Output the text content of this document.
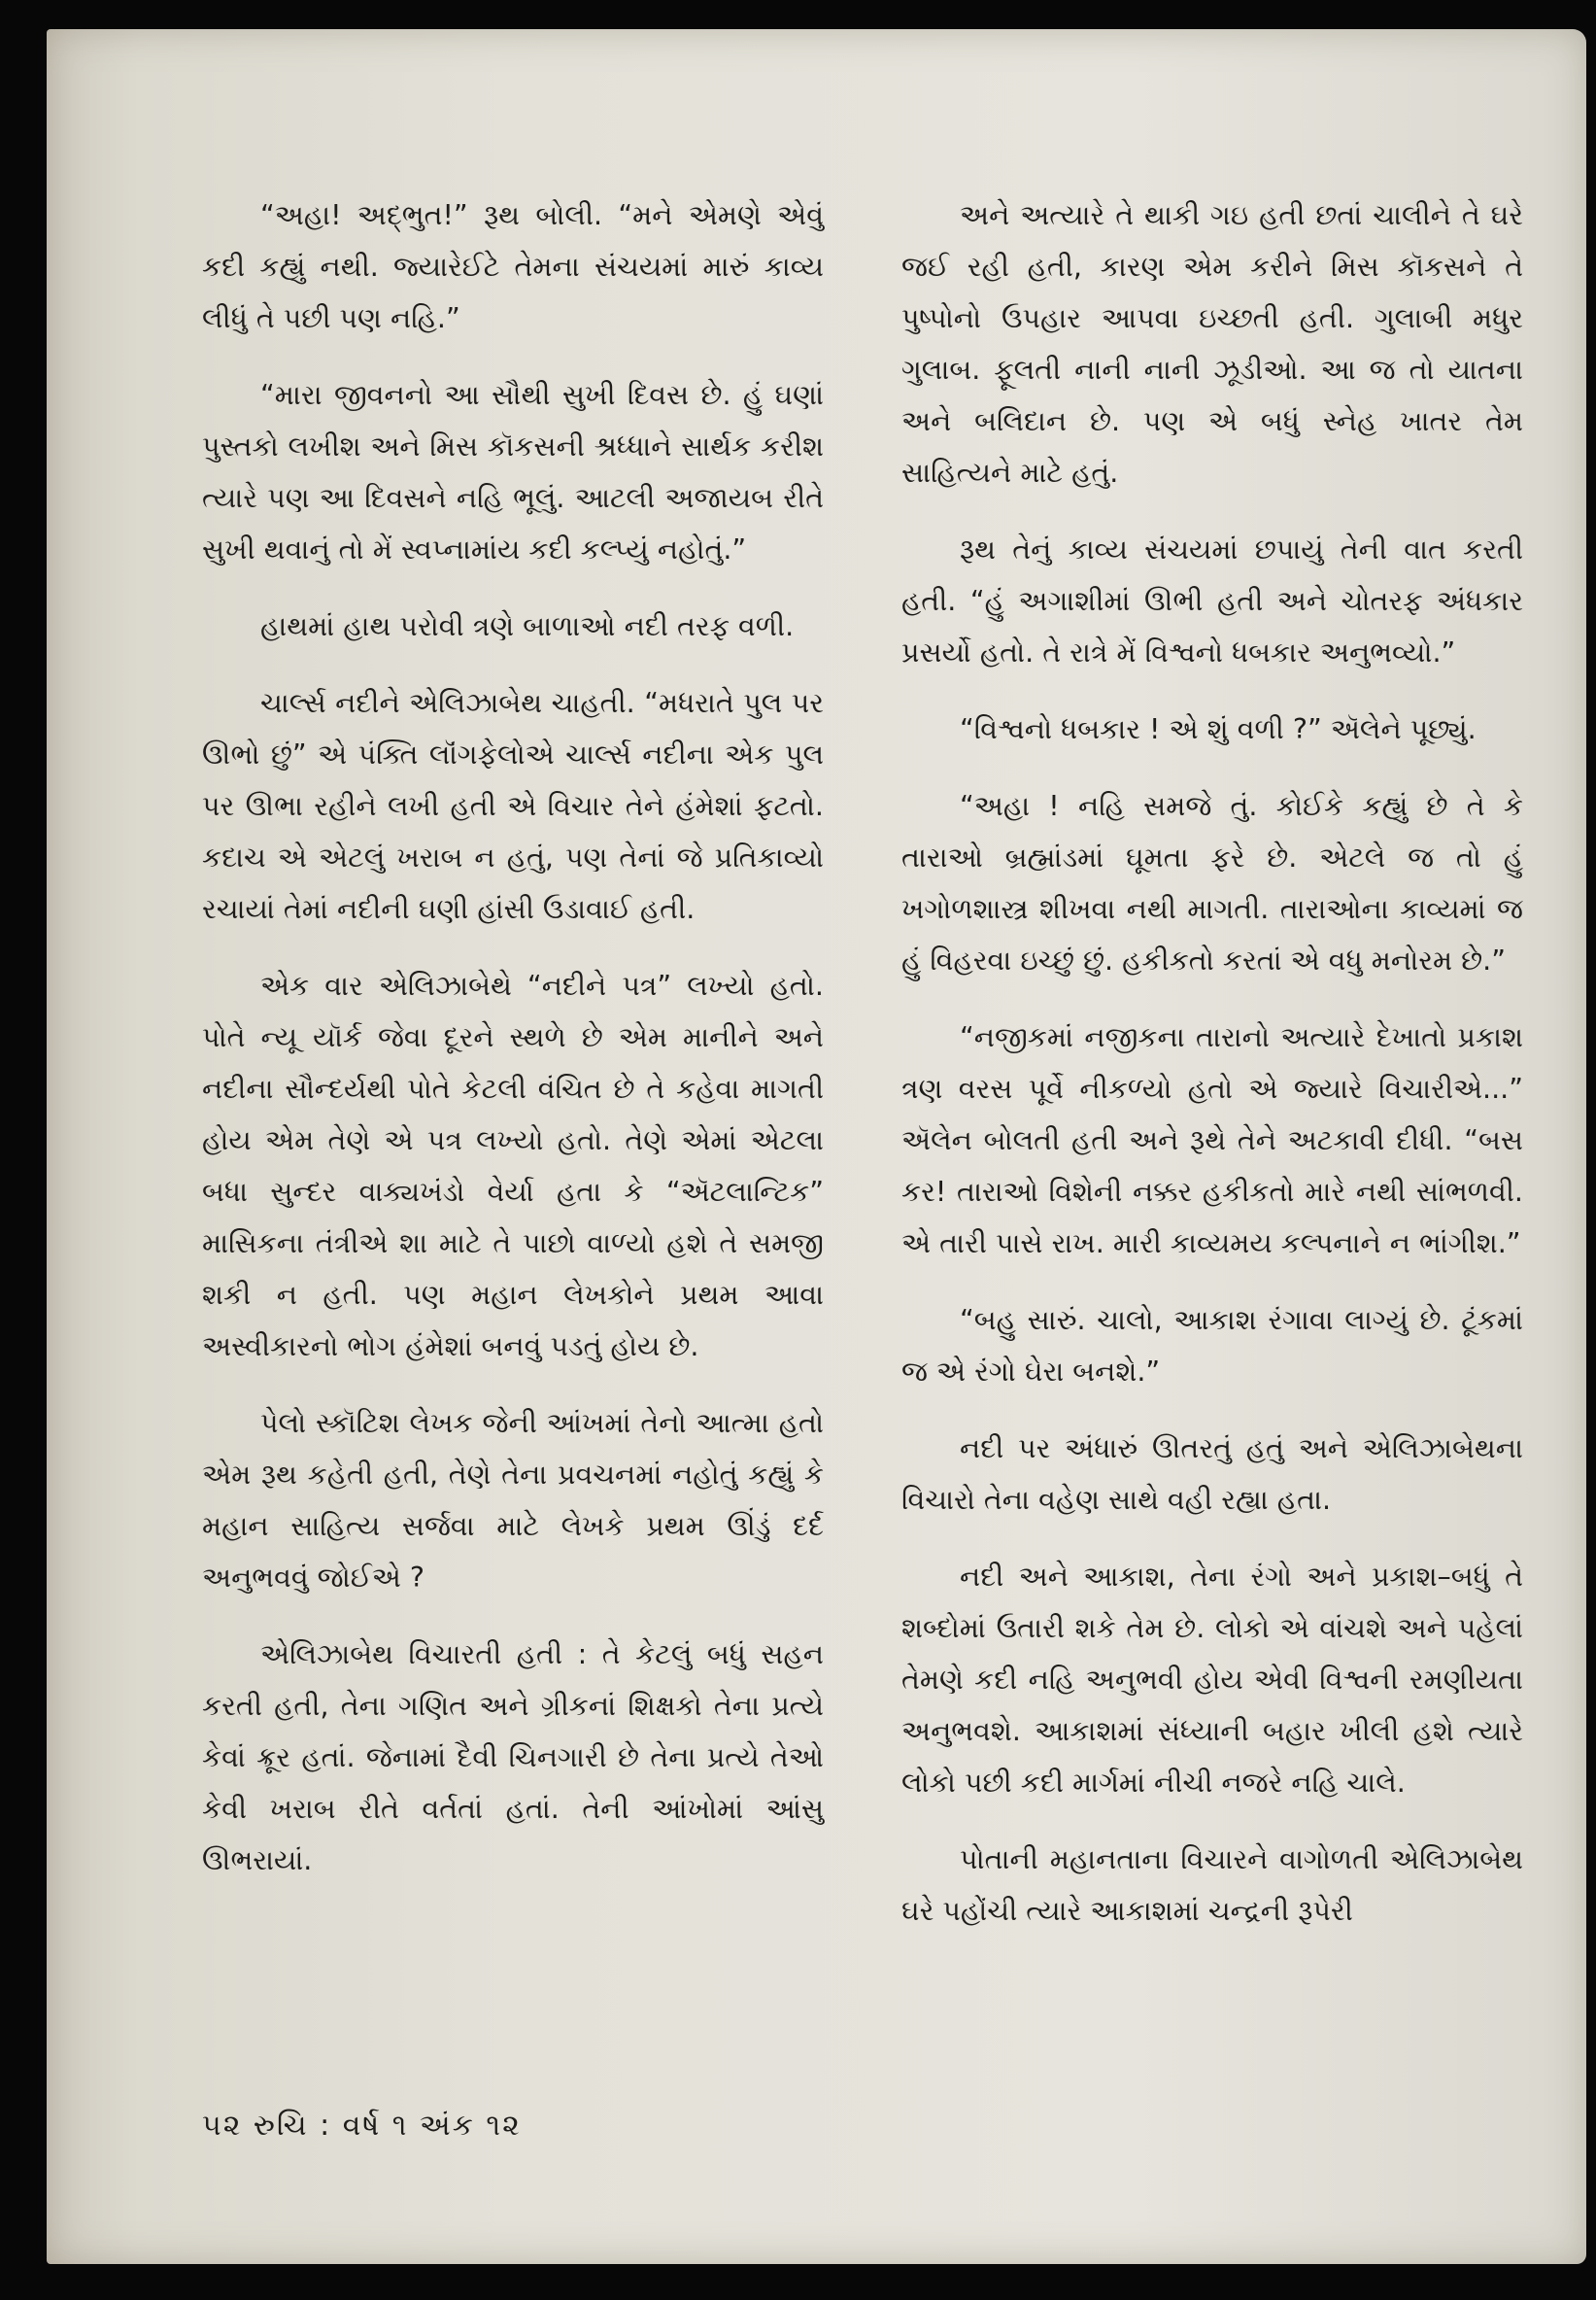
“અહા! અદ્ભુત!” રૂથ બોલી. “મને એમણે એવું કદી કહ્યું નથી. જ્યારેઈટે તેમના સંચયમાં મારું કાવ્ય લીધું તે પછી પણ નહિ.”

“મારા જીવનનો આ સૌથી સુખી દિવસ છે. હું ઘણાં પુસ્તકો લખીશ અને મિસ કૉકસની શ્રધ્ધાને સાર્થક કરીશ ત્યારે પણ આ દિવસને નહિ ભૂલું. આટલી અજાયબ રીતે સુખી થવાનું તો મેં સ્વપ્નામાંય કદી કલ્પ્યું નહોતું.”

હાથમાં હાથ પરોવી ત્રણે બાળાઓ નદી તરફ વળી.

ચાર્લ્સ નદીને એલિઝાબેથ ચાહતી. “મધરાતે પુલ પર ઊભો છું” એ પંક્તિ લૉંગફેલોએ ચાર્લ્સ નદીના એક પુલ પર ઊભા રહીને લખી હતી એ વિચાર તેને હંમેશાં ફટતો. કદાચ એ એટલું ખરાબ ન હતું, પણ તેનાં જે પ્રતિકાવ્યો રચાયાં તેમાં નદીની ઘણી હાંસી ઉડાવાઈ હતી.

એક વાર એલિઝાબેથે “નદીને પત્ર” લખ્યો હતો. પોતે ન્યૂ યૉર્ક જેવા દૂરને સ્થળે છે એમ માનીને અને નદીના સૌન્દર્યથી પોતે કેટલી વંચિત છે તે કહેવા માગતી હોય એમ તેણે એ પત્ર લખ્યો હતો. તેણે એમાં એટલા બધા સુન્દર વાક્યખંડો વેર્યા હતા કે “ઍટલાન્ટિક” માસિકના તંત્રીએ શા માટે તે પાછો વાળ્યો હશે તે સમજી શકી ન હતી. પણ મહાન લેખકોને પ્રથમ આવા અસ્વીકારનો ભોગ હંમેશાં બનવું પડતું હોય છે.

પેલો સ્કૉટિશ લેખક જેની આંખમાં તેનો આત્મા હતો એમ રૂથ કહેતી હતી, તેણે તેના પ્રવચનમાં નહોતું કહ્યું કે મહાન સાહિત્ય સર્જવા માટે લેખકે પ્રથમ ઊંડું દર્દ અનુભવવું જોઈએ ?

એલિઝાબેથ વિચારતી હતી : તે કેટલું બધું સહન કરતી હતી, તેના ગણિત અને ગ્રીકનાં શિક્ષકો તેના પ્રત્યે કેવાં ક્રૂર હતાં. જેનામાં દૈવી ચિનગારી છે તેના પ્રત્યે તેઓ કેવી ખરાબ રીતે વર્તતાં હતાં. તેની આંખોમાં આંસુ ઊભરાયાં.

અને અત્યારે તે થાકી ગઇ હતી છતાં ચાલીને તે ઘરે જઈ રહી હતી, કારણ એમ કરીને મિસ કૉકસને તે પુષ્પોનો ઉપહાર આપવા ઇચ્છતી હતી. ગુલાબી મધુર ગુલાબ. ફૂલતી નાની નાની ઝૂડીઓ. આ જ તો યાતના અને બલિદાન છે. પણ એ બધું સ્નેહ ખાતર તેમ સાહિત્યને માટે હતું.

રૂથ તેનું કાવ્ય સંચયમાં છપાયું તેની વાત કરતી હતી. “હું અગાશીમાં ઊભી હતી અને ચોતરફ અંધકાર પ્રસર્યો હતો. તે રાત્રે મેં વિશ્વનો ધબકાર અનુભવ્યો.”

“વિશ્વનો ધબકાર ! એ શું વળી ?” ઍલેને પૂછ્યું.

“અહા ! નહિ સમજે તું. કોઈકે કહ્યું છે તે કે તારાઓ બ્રહ્માંડમાં ઘૂમતા ફરે છે. એટલે જ તો હું ખગોળશાસ્ત્ર શીખવા નથી માગતી. તારાઓના કાવ્યમાં જ હું વિહરવા ઇચ્છું છું. હકીકતો કરતાં એ વધુ મનોરમ છે.”

“નજીકમાં નજીકના તારાનો અત્યારે દેખાતો પ્રકાશ ત્રણ વરસ પૂર્વે નીકળ્યો હતો એ જ્યારે વિચારીએ...” ઍલેન બોલતી હતી અને રૂથે તેને અટકાવી દીધી. “બસ કર! તારાઓ વિશેની નક્કર હકીકતો મારે નથી સાંભળવી. એ તારી પાસે રાખ. મારી કાવ્યમય કલ્પનાને ન ભાંગીશ.”

“બહુ સારું. ચાલો, આકાશ રંગાવા લાગ્યું છે. ટૂંકમાં જ એ રંગો ઘેરા બનશે.”

નદી પર અંધારું ઊતરતું હતું અને એલિઝાબેથના વિચારો તેના વહેણ સાથે વહી રહ્યા હતા.

નદી અને આકાશ, તેના રંગો અને પ્રકાશ–બધું તે શબ્દોમાં ઉતારી શકે તેમ છે. લોકો એ વાંચશે અને પહેલાં તેમણે કદી નહિ અનુભવી હોય એવી વિશ્વની રમણીયતા અનુભવશે. આકાશમાં સંધ્યાની બહાર ખીલી હશે ત્યારે લોકો પછી કદી માર્ગમાં નીચી નજરે નહિ ચાલે.

પોતાની મહાનતાના વિચારને વાગોળતી એલિઝાબેથ ઘરે પહોંચી ત્યારે આકાશમાં ચન્દ્રની રૂપેરી

૫૨ રુચિ : વર્ષ ૧ અંક ૧૨
